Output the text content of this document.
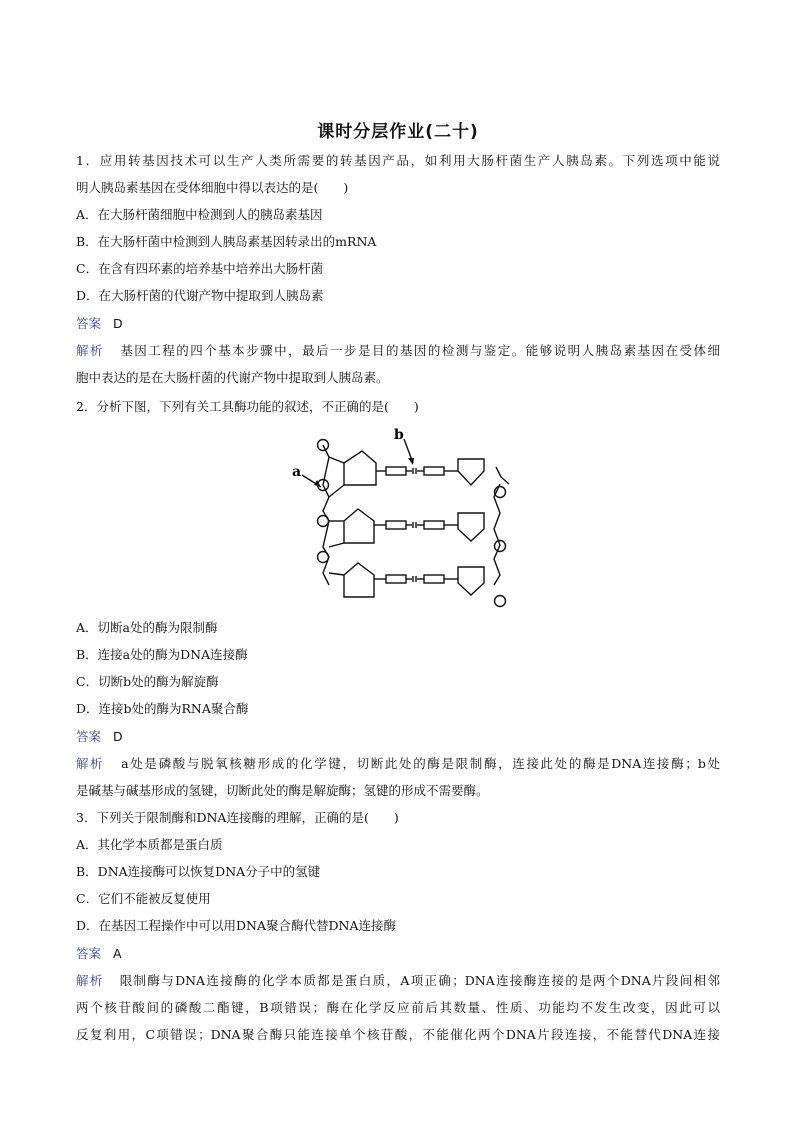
课时分层作业(二十)
1．应用转基因技术可以生产人类所需要的转基因产品，如利用大肠杆菌生产人胰岛素。下列选项中能说
明人胰岛素基因在受体细胞中得以表达的是(　　)
A．在大肠杆菌细胞中检测到人的胰岛素基因
B．在大肠杆菌中检测到人胰岛素基因转录出的mRNA
C．在含有四环素的培养基中培养出大肠杆菌
D．在大肠杆菌的代谢产物中提取到人胰岛素
答案 D
解析 基因工程的四个基本步骤中，最后一步是目的基因的检测与鉴定。能够说明人胰岛素基因在受体细
胞中表达的是在大肠杆菌的代谢产物中提取到人胰岛素。
2．分析下图，下列有关工具酶功能的叙述，不正确的是(　　)
a
b
A．切断a处的酶为限制酶
B．连接a处的酶为DNA连接酶
C．切断b处的酶为解旋酶
D．连接b处的酶为RNA聚合酶
答案 D
解析 a处是磷酸与脱氧核糖形成的化学键，切断此处的酶是限制酶，连接此处的酶是DNA连接酶；b处
是碱基与碱基形成的氢键，切断此处的酶是解旋酶；氢键的形成不需要酶。
3．下列关于限制酶和DNA连接酶的理解，正确的是(　　)
A．其化学本质都是蛋白质
B．DNA连接酶可以恢复DNA分子中的氢键
C．它们不能被反复使用
D．在基因工程操作中可以用DNA聚合酶代替DNA连接酶
答案 A
解析 限制酶与DNA连接酶的化学本质都是蛋白质，A项正确；DNA连接酶连接的是两个DNA片段间相邻
两个核苷酸间的磷酸二酯键，B项错误；酶在化学反应前后其数量、性质、功能均不发生改变，因此可以
反复利用，C项错误；DNA聚合酶只能连接单个核苷酸，不能催化两个DNA片段连接，不能替代DNA连接
